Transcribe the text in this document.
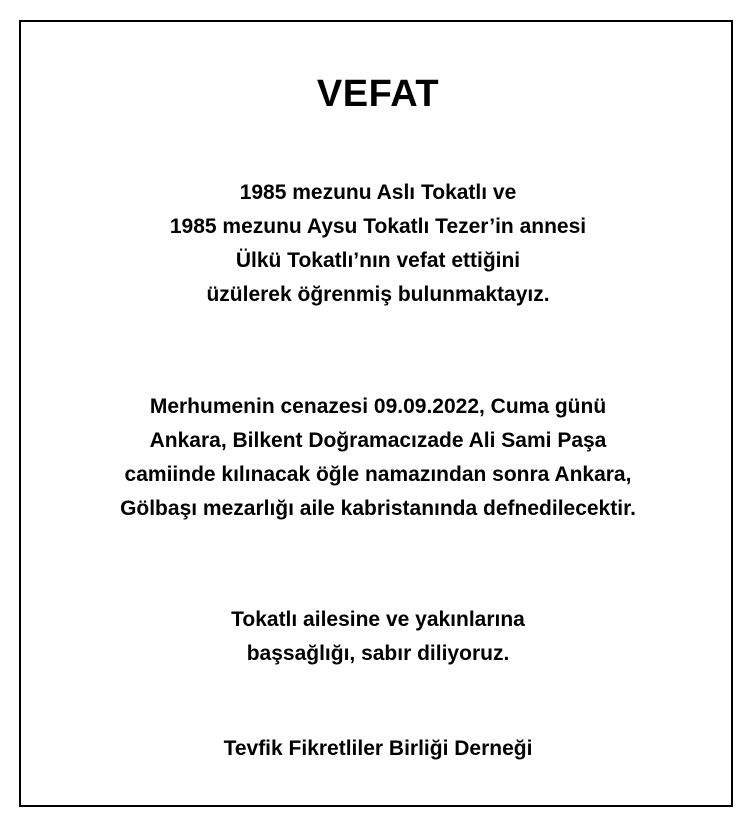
VEFAT
1985 mezunu Aslı Tokatlı ve
1985 mezunu Aysu Tokatlı Tezer’in annesi
Ülkü Tokatlı’nın vefat ettiğini
üzülerek öğrenmiş bulunmaktayız.
Merhumenin cenazesi 09.09.2022, Cuma günü
Ankara, Bilkent Doğramacızade Ali Sami Paşa
camiinde kılınacak öğle namazından sonra Ankara,
Gölbaşı mezarlığı aile kabristanında defnedilecektir.
Tokatlı ailesine ve yakınlarına
başsağlığı, sabır diliyoruz.
Tevfik Fikretliler Birliği Derneği
